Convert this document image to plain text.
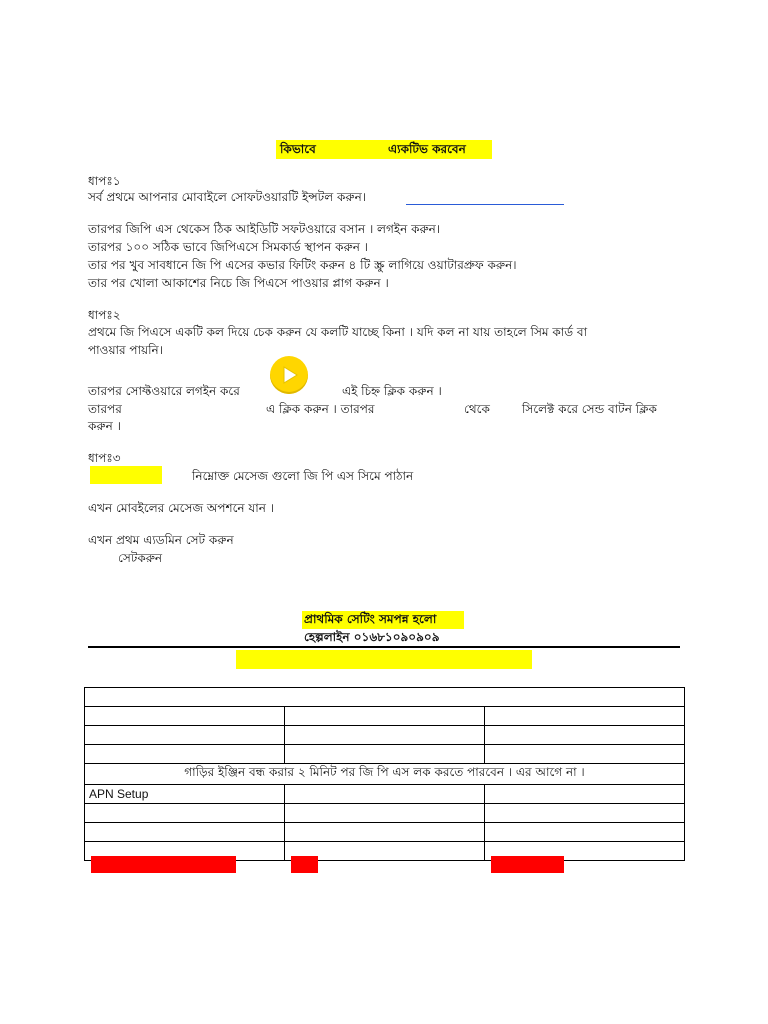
কিভাবে	এ্যকটিভ করবেন
ধাপঃ১
সর্ব প্রথমে আপনার মোবাইলে সোফটওয়ারটি ইন্সটল করুন।
তারপর জিপি এস থেকেস ঠিক আইডিটি সফটওয়ারে বসান । লগইন করুন।
তারপর ১০০ সঠিক ভাবে জিপিএসে সিমকার্ড স্থাপন করুন ।
তার পর খুব সাবধানে জি পি এসের কভার ফিটিং করুন ৪ টি স্ক্রু লাগিয়ে ওয়াটারপ্রুফ করুন।
তার পর খোলা আকাশের নিচে জি পিএসে পাওয়ার প্লাগ করুন ।
ধাপঃ২
প্রথমে জি পিএসে একটি কল দিয়ে চেক করুন যে কলটি যাচ্ছে কিনা । যদি কল না যায় তাহলে সিম কার্ড বা
পাওয়ার পায়নি।
তারপর সোফ্টওয়ারে লগইন করে	এই চিহ্ন ক্লিক করুন ।
তারপর	এ ক্লিক করুন । তারপর	থেকে	সিলেক্ট করে সেন্ড বাটন ক্লিক
করুন ।
ধাপঃ৩
নিম্নোক্ত মেসেজ গুলো জি পি এস সিমে পাঠান
এখন মোবইলের মেসেজ অপশনে যান ।
এখন প্রথম এ্যডমিন সেট করুন
সেটকরুন
প্রাথমিক সেটিং সমপন্ন হলো
হেল্পলাইন ০১৬৮১০৯০৯০৯

গাড়ির ইঞ্জিন বন্ধ করার ২ মিনিট পর জি পি এস লক করতে পারবেন । এর আগে না ।		
APN Setup		
